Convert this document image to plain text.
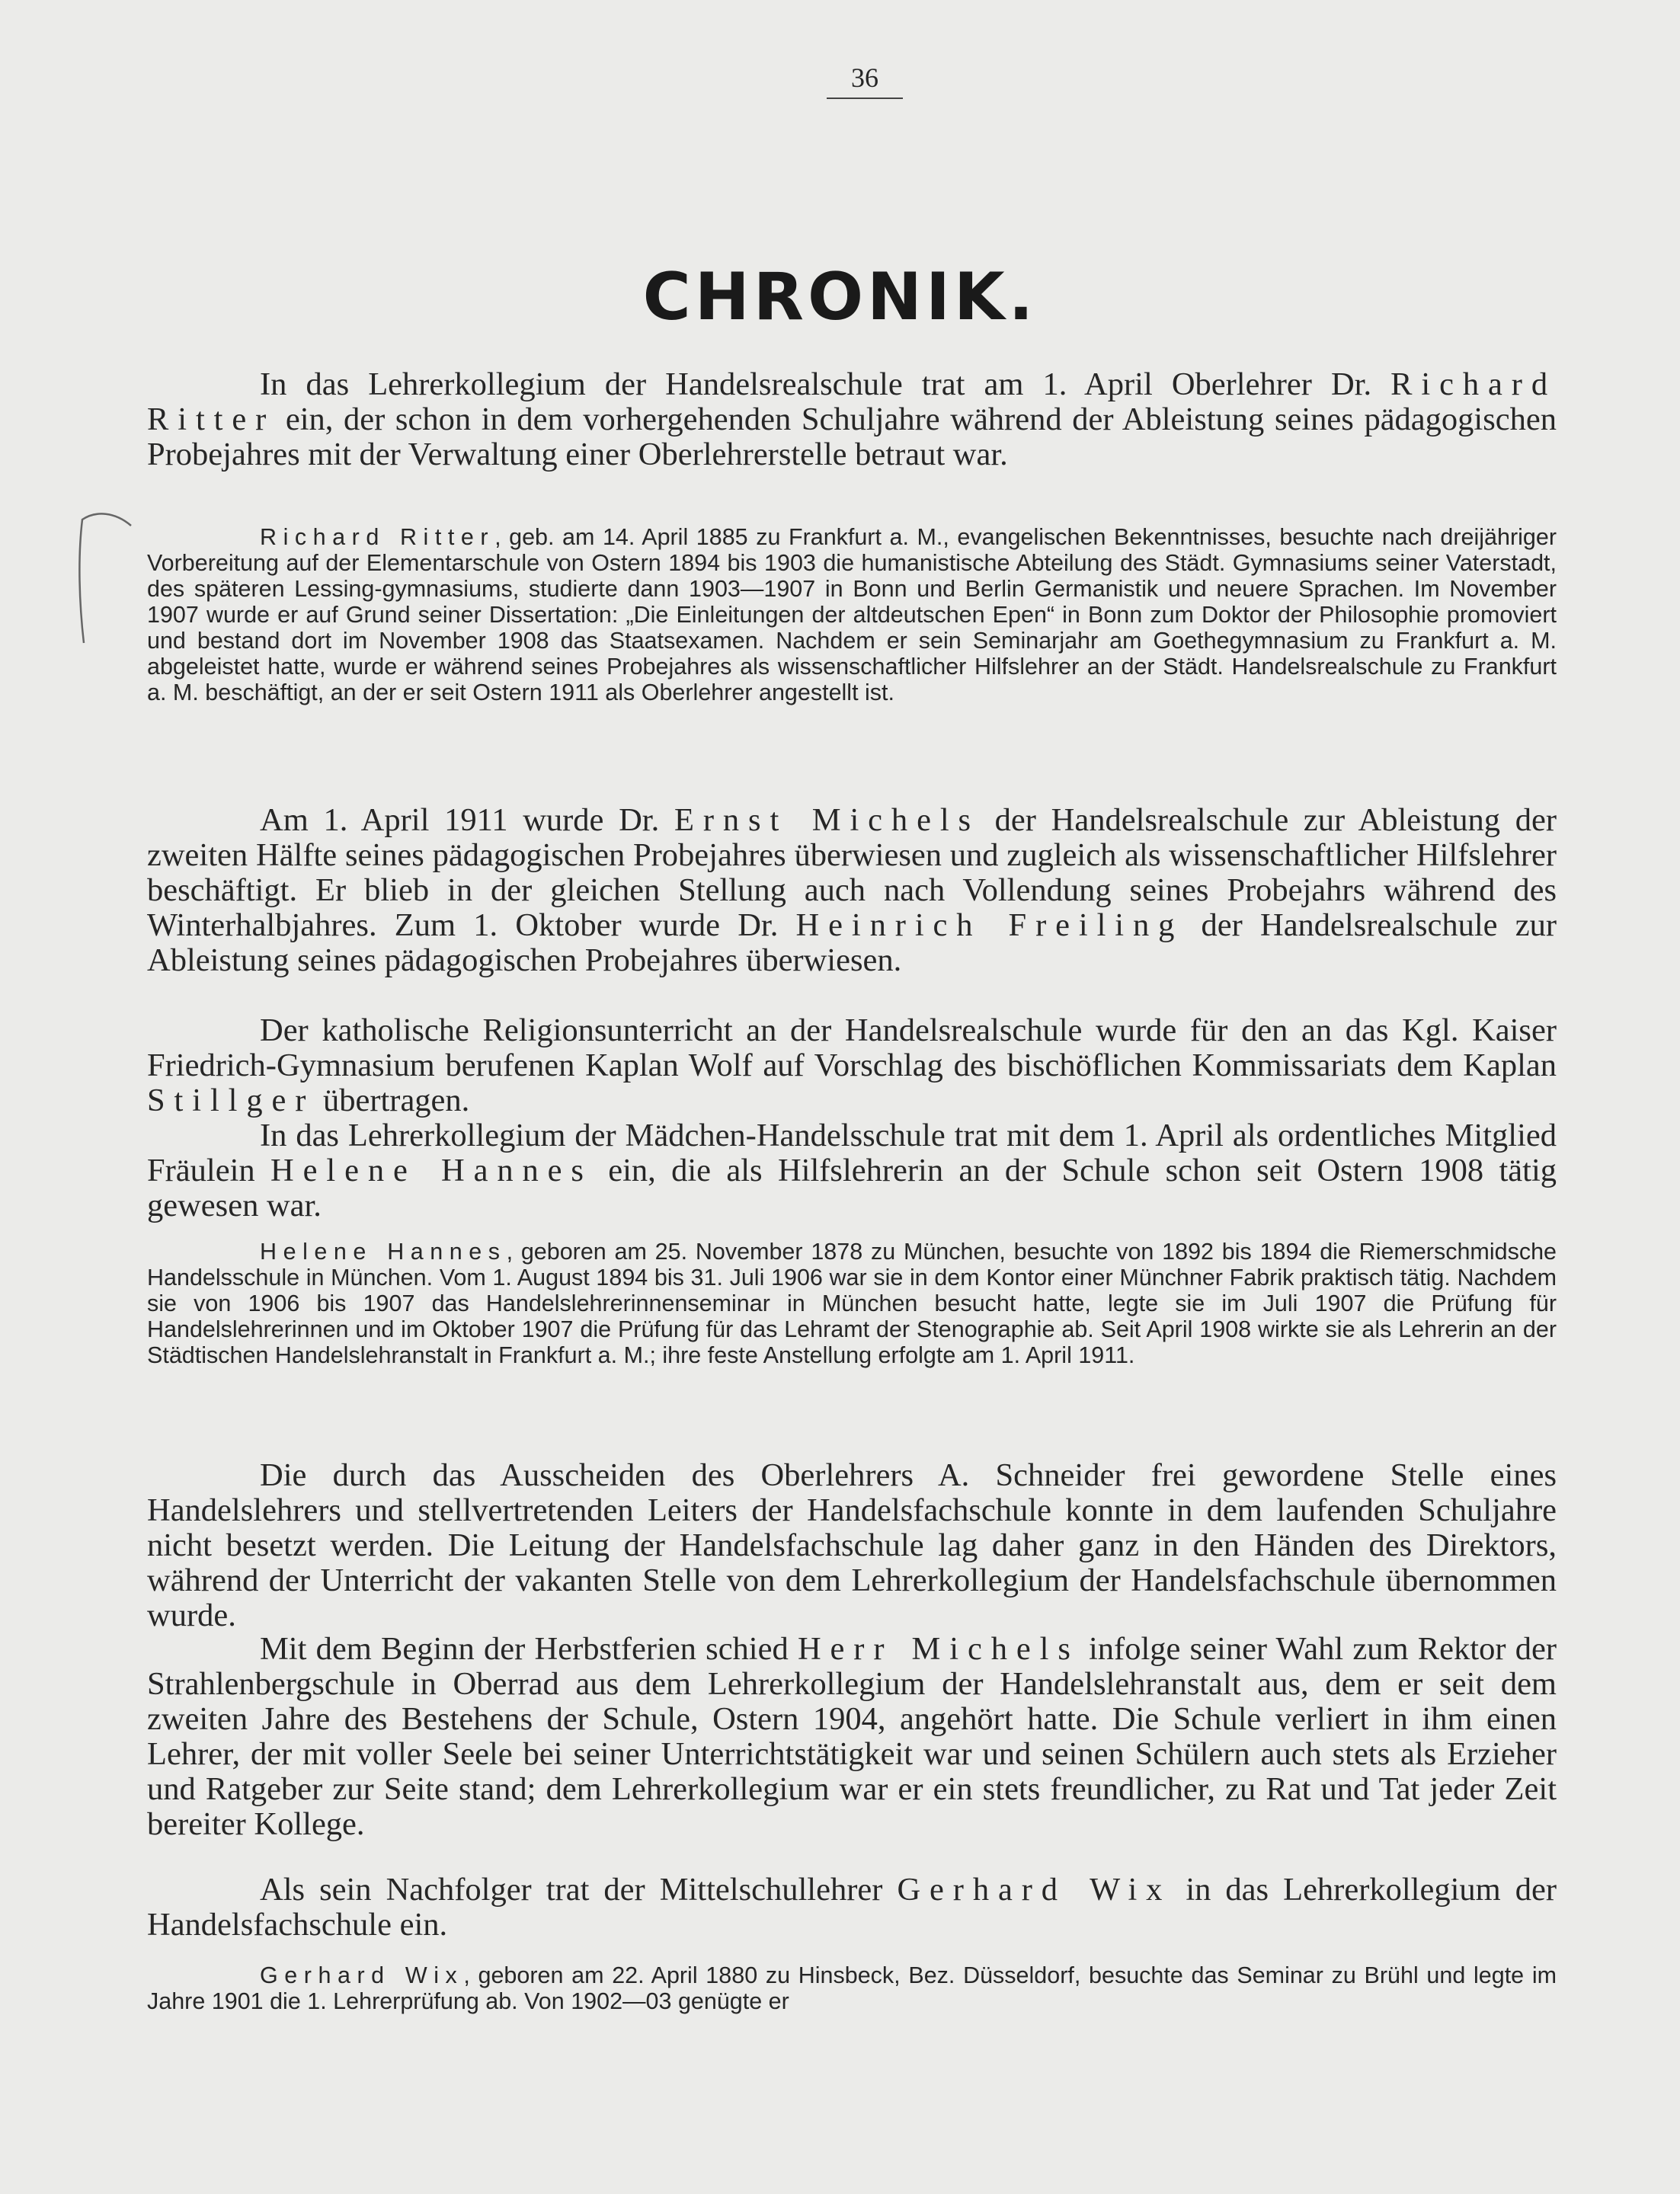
36
CHRONIK.

In das Lehrerkollegium der Handelsrealschule trat am 1. April Oberlehrer Dr. Richard Ritter ein, der schon in dem vorhergehenden Schuljahre während der Ableistung seines pädagogischen Probejahres mit der Verwaltung einer Oberlehrerstelle betraut war.

Richard Ritter, geb. am 14. April 1885 zu Frankfurt a. M., evangelischen Bekenntnisses, besuchte nach dreijähriger Vorbereitung auf der Elementarschule von Ostern 1894 bis 1903 die humanistische Abteilung des Städt. Gymnasiums seiner Vaterstadt, des späteren Lessing-gymnasiums, studierte dann 1903—1907 in Bonn und Berlin Germanistik und neuere Sprachen. Im November 1907 wurde er auf Grund seiner Dissertation: „Die Einleitungen der altdeutschen Epen“ in Bonn zum Doktor der Philosophie promoviert und bestand dort im November 1908 das Staatsexamen. Nachdem er sein Seminarjahr am Goethegymnasium zu Frankfurt a. M. abgeleistet hatte, wurde er während seines Probejahres als wissenschaftlicher Hilfslehrer an der Städt. Handelsrealschule zu Frankfurt a. M. beschäftigt, an der er seit Ostern 1911 als Oberlehrer angestellt ist.

Am 1. April 1911 wurde Dr. Ernst Michels der Handelsrealschule zur Ableistung der zweiten Hälfte seines pädagogischen Probejahres überwiesen und zugleich als wissenschaftlicher Hilfslehrer beschäftigt. Er blieb in der gleichen Stellung auch nach Vollendung seines Probejahrs während des Winterhalbjahres. Zum 1. Oktober wurde Dr. Heinrich Freiling der Handelsrealschule zur Ableistung seines pädagogischen Probejahres überwiesen.

Der katholische Religionsunterricht an der Handelsrealschule wurde für den an das Kgl. Kaiser Friedrich-Gymnasium berufenen Kaplan Wolf auf Vorschlag des bischöflichen Kommissariats dem Kaplan Stillger übertragen.

In das Lehrerkollegium der Mädchen-Handelsschule trat mit dem 1. April als ordentliches Mitglied Fräulein Helene Hannes ein, die als Hilfslehrerin an der Schule schon seit Ostern 1908 tätig gewesen war.

Helene Hannes, geboren am 25. November 1878 zu München, besuchte von 1892 bis 1894 die Riemerschmidsche Handelsschule in München. Vom 1. August 1894 bis 31. Juli 1906 war sie in dem Kontor einer Münchner Fabrik praktisch tätig. Nachdem sie von 1906 bis 1907 das Handelslehrerinnenseminar in München besucht hatte, legte sie im Juli 1907 die Prüfung für Handelslehrerinnen und im Oktober 1907 die Prüfung für das Lehramt der Stenographie ab. Seit April 1908 wirkte sie als Lehrerin an der Städtischen Handelslehranstalt in Frankfurt a. M.; ihre feste Anstellung erfolgte am 1. April 1911.

Die durch das Ausscheiden des Oberlehrers A. Schneider frei gewordene Stelle eines Handelslehrers und stellvertretenden Leiters der Handelsfachschule konnte in dem laufenden Schuljahre nicht besetzt werden. Die Leitung der Handelsfachschule lag daher ganz in den Händen des Direktors, während der Unterricht der vakanten Stelle von dem Lehrerkollegium der Handelsfachschule übernommen wurde.

Mit dem Beginn der Herbstferien schied Herr Michels infolge seiner Wahl zum Rektor der Strahlenbergschule in Oberrad aus dem Lehrerkollegium der Handelslehranstalt aus, dem er seit dem zweiten Jahre des Bestehens der Schule, Ostern 1904, angehört hatte. Die Schule verliert in ihm einen Lehrer, der mit voller Seele bei seiner Unterrichtstätigkeit war und seinen Schülern auch stets als Erzieher und Ratgeber zur Seite stand; dem Lehrerkollegium war er ein stets freundlicher, zu Rat und Tat jeder Zeit bereiter Kollege.

Als sein Nachfolger trat der Mittelschullehrer Gerhard Wix in das Lehrerkollegium der Handelsfachschule ein.

Gerhard Wix, geboren am 22. April 1880 zu Hinsbeck, Bez. Düsseldorf, besuchte das Seminar zu Brühl und legte im Jahre 1901 die 1. Lehrerprüfung ab. Von 1902—03 genügte er
